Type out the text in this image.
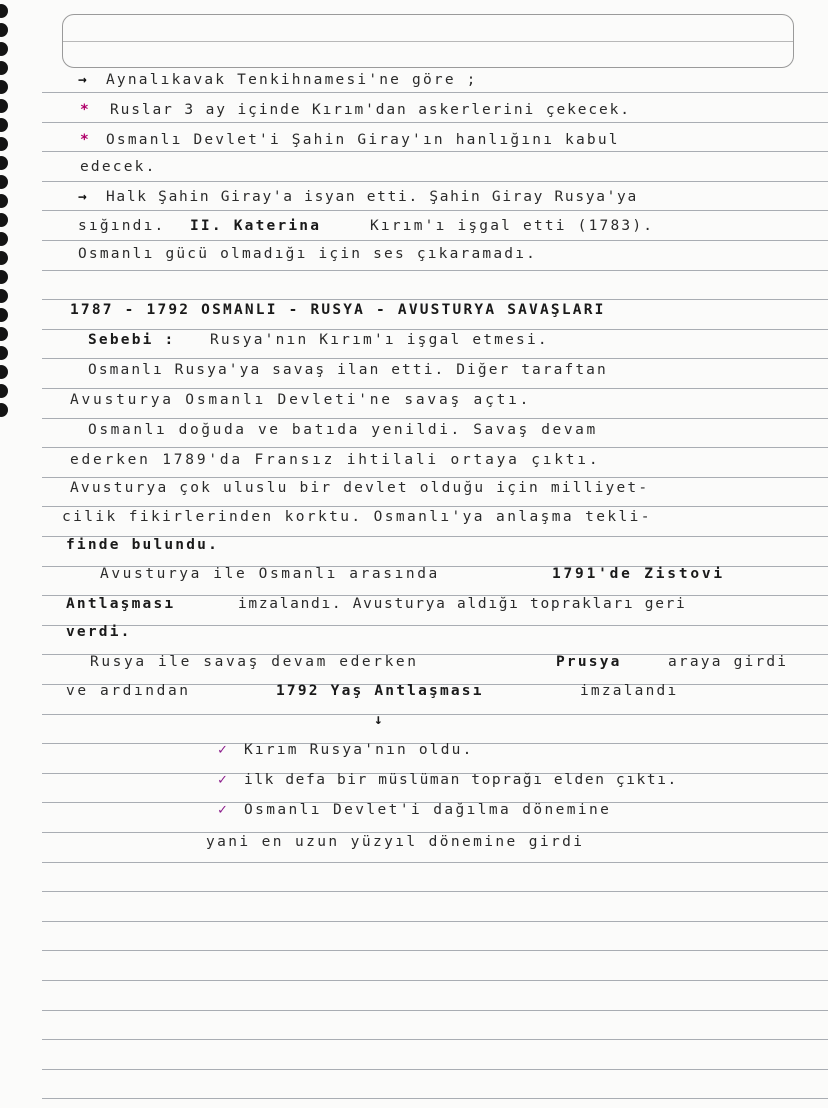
→ Aynalıkavak Tenkihnamesi'ne göre ;
* Ruslar 3 ay içinde Kırım'dan askerlerini çekecek.
* Osmanlı Devlet'i Şahin Giray'ın hanlığını kabul
edecek.
→ Halk Şahin Giray'a isyan etti. Şahin Giray Rusya'ya
sığındı. II. Katerina	Kırım'ı işgal etti (1783).
Osmanlı gücü olmadığı için ses çıkaramadı.
1787 - 1792 OSMANLI - RUSYA - AVUSTURYA SAVAŞLARI
Sebebi : Rusya'nın Kırım'ı işgal etmesi.
Osmanlı Rusya'ya savaş ilan etti. Diğer taraftan
Avusturya Osmanlı Devleti'ne savaş açtı.
Osmanlı doğuda ve batıda yenildi. Savaş devam
ederken 1789'da Fransız ihtilali ortaya çıktı.
Avusturya çok uluslu bir devlet olduğu için milliyet-
cilik fikirlerinden korktu. Osmanlı'ya anlaşma tekli-
finde bulundu.
Avusturya ile Osmanlı arasında	1791'de Zistovi
Antlaşması	imzalandı. Avusturya aldığı toprakları geri
verdi.
Rusya ile savaş devam ederken	Prusya	araya girdi
ve ardından	1792 Yaş Antlaşması	imzalandı
↓
✓ Kırım Rusya'nın oldu.
✓ ilk defa bir müslüman toprağı elden çıktı.
✓ Osmanlı Devlet'i dağılma dönemine
yani en uzun yüzyıl dönemine girdi
